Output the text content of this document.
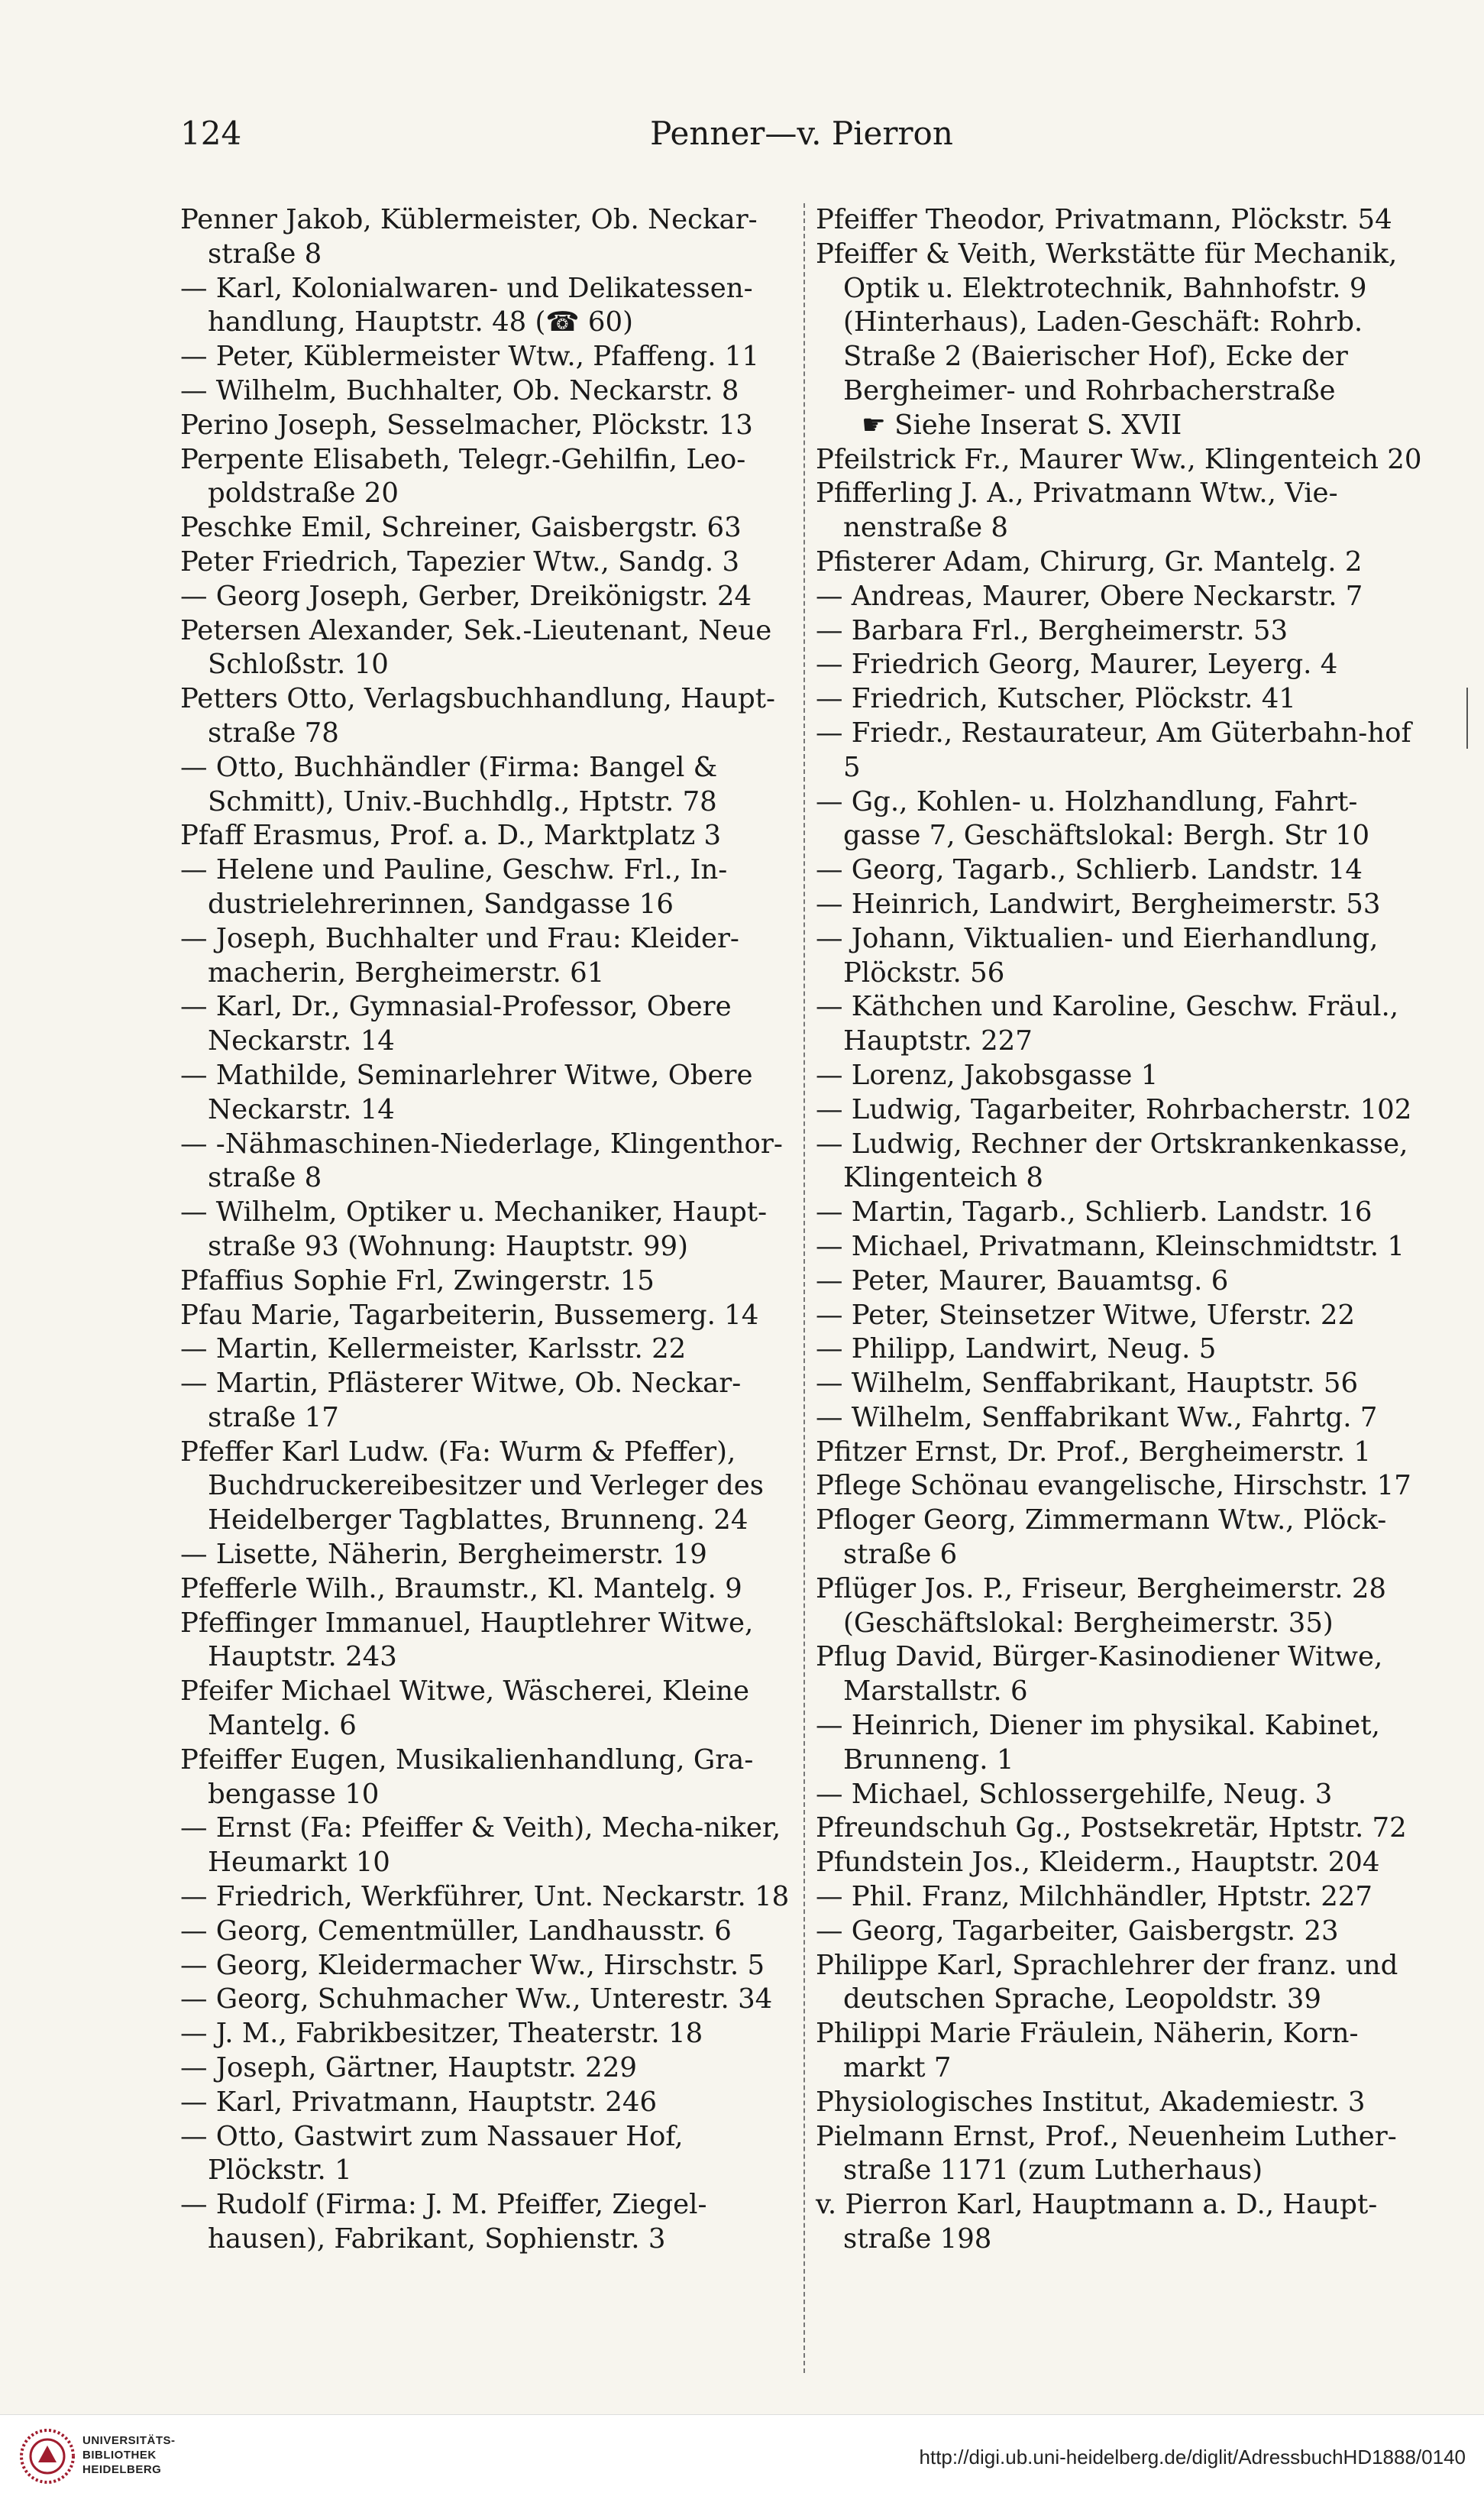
124	Penner—v. Pierron

Penner Jakob, Küblermeister, Ob. Neckar-straße 8

— Karl, Kolonialwaren- und Delikatessen-handlung, Hauptstr. 48 (☎ 60)

— Peter, Küblermeister Wtw., Pfaffeng. 11

— Wilhelm, Buchhalter, Ob. Neckarstr. 8

Perino Joseph, Sesselmacher, Plöckstr. 13

Perpente Elisabeth, Telegr.-Gehilfin, Leo-poldstraße 20

Peschke Emil, Schreiner, Gaisbergstr. 63

Peter Friedrich, Tapezier Wtw., Sandg. 3

— Georg Joseph, Gerber, Dreikönigstr. 24

Petersen Alexander, Sek.-Lieutenant, Neue Schloßstr. 10

Petters Otto, Verlagsbuchhandlung, Haupt-straße 78

— Otto, Buchhändler (Firma: Bangel & Schmitt), Univ.-Buchhdlg., Hptstr. 78

Pfaff Erasmus, Prof. a. D., Marktplatz 3

— Helene und Pauline, Geschw. Frl., In-dustrielehrerinnen, Sandgasse 16

— Joseph, Buchhalter und Frau: Kleider-macherin, Bergheimerstr. 61

— Karl, Dr., Gymnasial-Professor, Obere Neckarstr. 14

— Mathilde, Seminarlehrer Witwe, Obere Neckarstr. 14

— -Nähmaschinen-Niederlage, Klingenthor-straße 8

— Wilhelm, Optiker u. Mechaniker, Haupt-straße 93 (Wohnung: Hauptstr. 99)

Pfaffius Sophie Frl, Zwingerstr. 15

Pfau Marie, Tagarbeiterin, Bussemerg. 14

— Martin, Kellermeister, Karlsstr. 22

— Martin, Pflästerer Witwe, Ob. Neckar-straße 17

Pfeffer Karl Ludw. (Fa: Wurm & Pfeffer), Buchdruckereibesitzer und Verleger des Heidelberger Tagblattes, Brunneng. 24

— Lisette, Näherin, Bergheimerstr. 19

Pfefferle Wilh., Braumstr., Kl. Mantelg. 9

Pfeffinger Immanuel, Hauptlehrer Witwe, Hauptstr. 243

Pfeifer Michael Witwe, Wäscherei, Kleine Mantelg. 6

Pfeiffer Eugen, Musikalienhandlung, Gra-bengasse 10

— Ernst (Fa: Pfeiffer & Veith), Mecha-niker, Heumarkt 10

— Friedrich, Werkführer, Unt. Neckarstr. 18

— Georg, Cementmüller, Landhausstr. 6

— Georg, Kleidermacher Ww., Hirschstr. 5

— Georg, Schuhmacher Ww., Unterestr. 34

— J. M., Fabrikbesitzer, Theaterstr. 18

— Joseph, Gärtner, Hauptstr. 229

— Karl, Privatmann, Hauptstr. 246

— Otto, Gastwirt zum Nassauer Hof, Plöckstr. 1

— Rudolf (Firma: J. M. Pfeiffer, Ziegel-hausen), Fabrikant, Sophienstr. 3

Pfeiffer Theodor, Privatmann, Plöckstr. 54

Pfeiffer & Veith, Werkstätte für Mechanik, Optik u. Elektrotechnik, Bahnhofstr. 9 (Hinterhaus), Laden-Geschäft: Rohrb. Straße 2 (Baierischer Hof), Ecke der Bergheimer- und Rohrbacherstraße

☛ Siehe Inserat S. XVII

Pfeilstrick Fr., Maurer Ww., Klingenteich 20

Pfifferling J. A., Privatmann Wtw., Vie-nenstraße 8

Pfisterer Adam, Chirurg, Gr. Mantelg. 2

— Andreas, Maurer, Obere Neckarstr. 7

— Barbara Frl., Bergheimerstr. 53

— Friedrich Georg, Maurer, Leyerg. 4

— Friedrich, Kutscher, Plöckstr. 41

— Friedr., Restaurateur, Am Güterbahn-hof 5

— Gg., Kohlen- u. Holzhandlung, Fahrt-gasse 7, Geschäftslokal: Bergh. Str 10

— Georg, Tagarb., Schlierb. Landstr. 14

— Heinrich, Landwirt, Bergheimerstr. 53

— Johann, Viktualien- und Eierhandlung, Plöckstr. 56

— Käthchen und Karoline, Geschw. Fräul., Hauptstr. 227

— Lorenz, Jakobsgasse 1

— Ludwig, Tagarbeiter, Rohrbacherstr. 102

— Ludwig, Rechner der Ortskrankenkasse, Klingenteich 8

— Martin, Tagarb., Schlierb. Landstr. 16

— Michael, Privatmann, Kleinschmidtstr. 1

— Peter, Maurer, Bauamtsg. 6

— Peter, Steinsetzer Witwe, Uferstr. 22

— Philipp, Landwirt, Neug. 5

— Wilhelm, Senffabrikant, Hauptstr. 56

— Wilhelm, Senffabrikant Ww., Fahrtg. 7

Pfitzer Ernst, Dr. Prof., Bergheimerstr. 1

Pflege Schönau evangelische, Hirschstr. 17

Pfloger Georg, Zimmermann Wtw., Plöck-straße 6

Pflüger Jos. P., Friseur, Bergheimerstr. 28 (Geschäftslokal: Bergheimerstr. 35)

Pflug David, Bürger-Kasinodiener Witwe, Marstallstr. 6

— Heinrich, Diener im physikal. Kabinet, Brunneng. 1

— Michael, Schlossergehilfe, Neug. 3

Pfreundschuh Gg., Postsekretär, Hptstr. 72

Pfundstein Jos., Kleiderm., Hauptstr. 204

— Phil. Franz, Milchhändler, Hptstr. 227

— Georg, Tagarbeiter, Gaisbergstr. 23

Philippe Karl, Sprachlehrer der franz. und deutschen Sprache, Leopoldstr. 39

Philippi Marie Fräulein, Näherin, Korn-markt 7

Physiologisches Institut, Akademiestr. 3

Pielmann Ernst, Prof., Neuenheim Luther-straße 1171 (zum Lutherhaus)

v. Pierron Karl, Hauptmann a. D., Haupt-straße 198

UNIVERSITÄTS-
BIBLIOTHEK
HEIDELBERG
http://digi.ub.uni-heidelberg.de/diglit/AdressbuchHD1888/0140
